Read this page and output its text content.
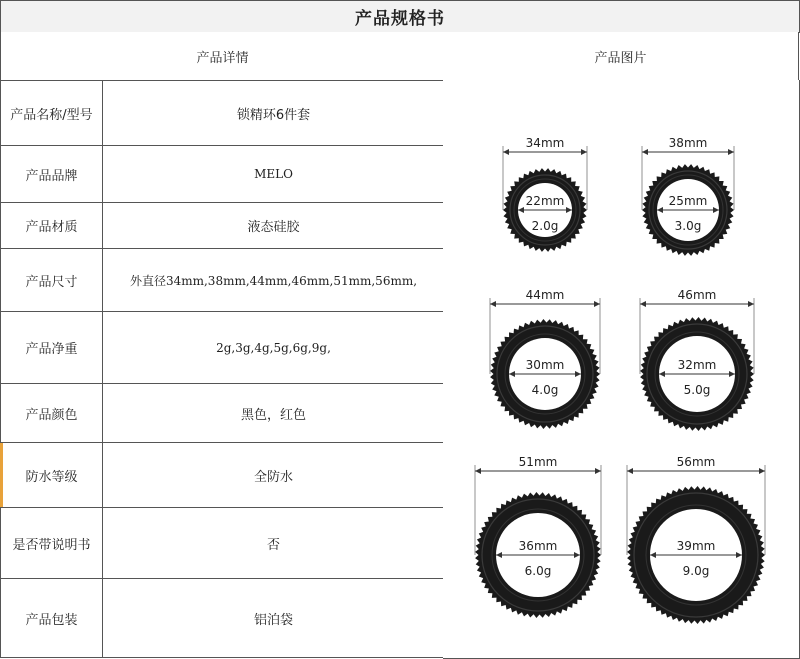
产品规格书
产品详情	产品图片
产品名称/型号	锁精环6件套
产品品牌	MELO
产品材质	液态硅胶
产品尺寸	外直径34mm,38mm,44mm,46mm,51mm,56mm,
产品净重	2g,3g,4g,5g,6g,9g,
产品颜色	黑色，红色
防水等级	全防水
是否带说明书	否
产品包装	铝泊袋
34mm
22mm
2.0g
38mm
25mm
3.0g
44mm
30mm
4.0g
46mm
32mm
5.0g
51mm
36mm
6.0g
56mm
39mm
9.0g
